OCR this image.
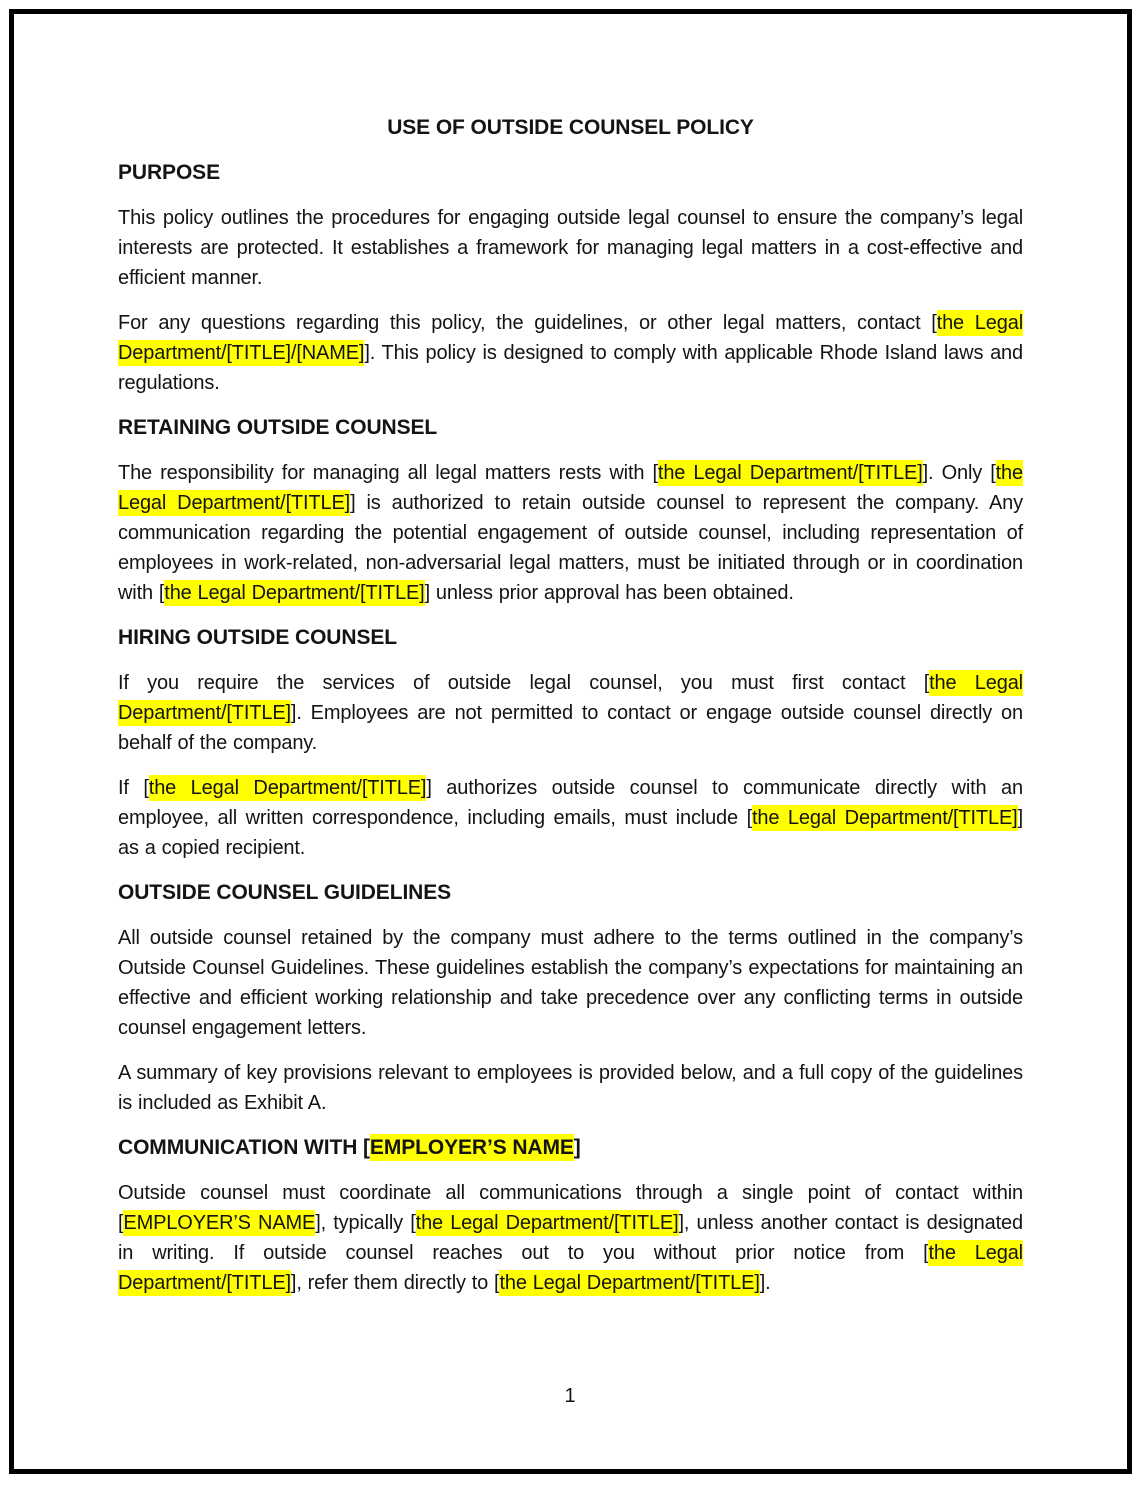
USE OF OUTSIDE COUNSEL POLICY
PURPOSE

This policy outlines the procedures for engaging outside legal counsel to ensure the company’s legal interests are protected. It establishes a framework for managing legal matters in a cost-effective and efficient manner.

For any questions regarding this policy, the guidelines, or other legal matters, contact [the Legal Department/[TITLE]/[NAME]]. This policy is designed to comply with applicable Rhode Island laws and regulations.

RETAINING OUTSIDE COUNSEL

The responsibility for managing all legal matters rests with [the Legal Department/[TITLE]]. Only [the Legal Department/[TITLE]] is authorized to retain outside counsel to represent the company. Any communication regarding the potential engagement of outside counsel, including representation of employees in work-related, non-adversarial legal matters, must be initiated through or in coordination with [the Legal Department/[TITLE]] unless prior approval has been obtained.

HIRING OUTSIDE COUNSEL

If you require the services of outside legal counsel, you must first contact [the Legal Department/[TITLE]]. Employees are not permitted to contact or engage outside counsel directly on behalf of the company.

If [the Legal Department/[TITLE]] authorizes outside counsel to communicate directly with an employee, all written correspondence, including emails, must include [the Legal Department/[TITLE]] as a copied recipient.

OUTSIDE COUNSEL GUIDELINES

All outside counsel retained by the company must adhere to the terms outlined in the company’s Outside Counsel Guidelines. These guidelines establish the company’s expectations for maintaining an effective and efficient working relationship and take precedence over any conflicting terms in outside counsel engagement letters.

A summary of key provisions relevant to employees is provided below, and a full copy of the guidelines is included as Exhibit A.

COMMUNICATION WITH [EMPLOYER’S NAME]

Outside counsel must coordinate all communications through a single point of contact within [EMPLOYER’S NAME], typically [the Legal Department/[TITLE]], unless another contact is designated in writing. If outside counsel reaches out to you without prior notice from [the Legal Department/[TITLE]], refer them directly to [the Legal Department/[TITLE]].

1
